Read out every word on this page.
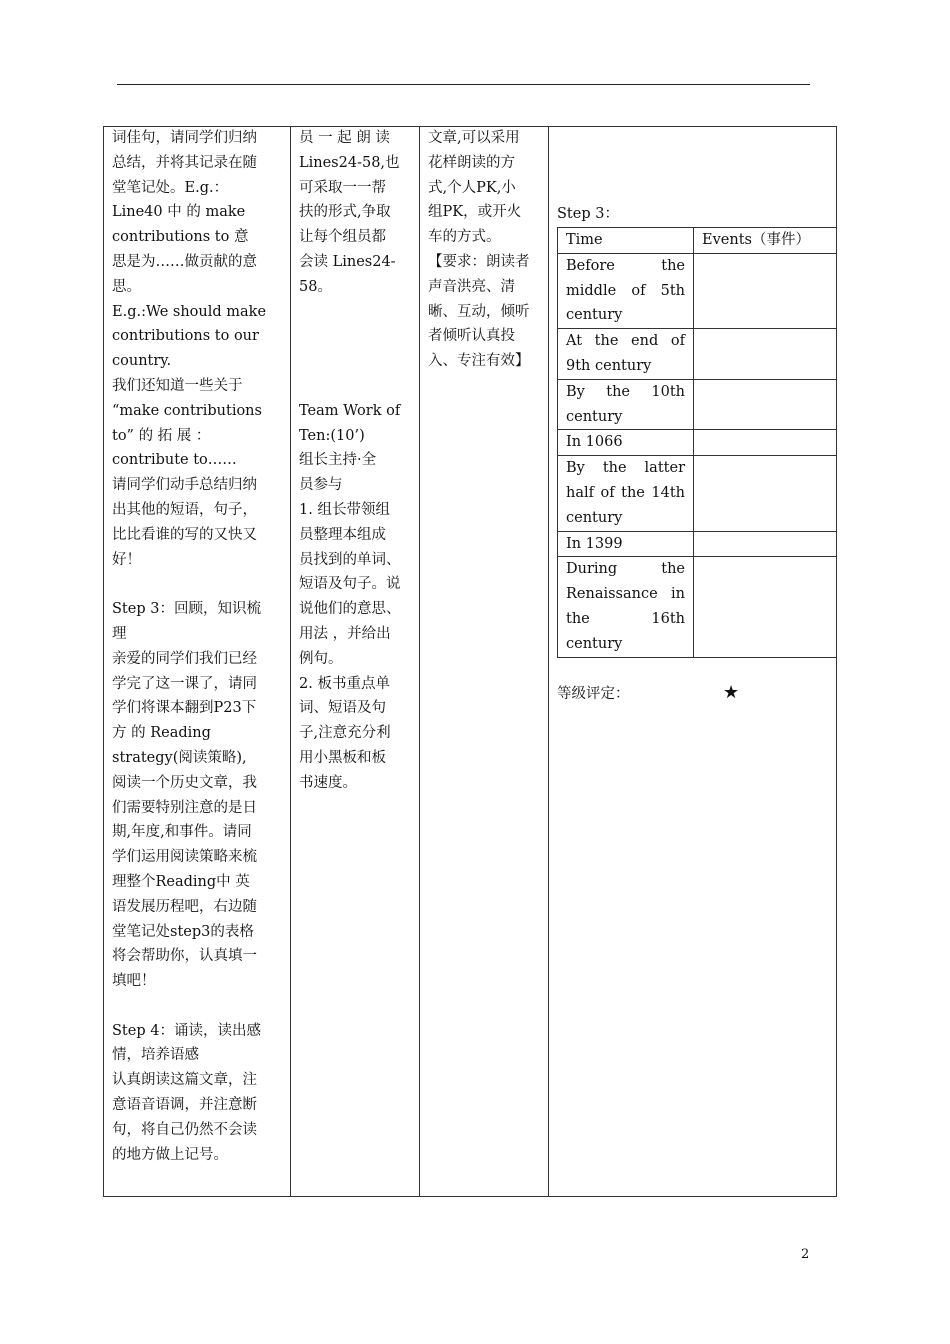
词佳句，请同学们归纳

总结，并将其记录在随

堂笔记处。E.g.：

Line40 中 的 make

contributions to 意

思是为……做贡献的意

思。

E.g.:We should make

contributions to our

country.

我们还知道一些关于

“make contributions

to” 的 拓 展 ：

contribute to……

请同学们动手总结归纳

出其他的短语，句子，

比比看谁的写的又快又

好！

Step 3：回顾，知识梳

理

亲爱的同学们我们已经

学完了这一课了，请同

学们将课本翻到P23下

方 的 Reading

strategy(阅读策略),

阅读一个历史文章，我

们需要特别注意的是日

期,年度,和事件。请同

学们运用阅读策略来梳

理整个Reading中 英

语发展历程吧，右边随

堂笔记处step3的表格

将会帮助你，认真填一

填吧！

Step 4：诵读，读出感

情，培养语感

认真朗读这篇文章，注

意语音语调，并注意断

句，将自己仍然不会读

的地方做上记号。

员 一 起 朗 读

Lines24-58,也

可采取一一帮

扶的形式,争取

让每个组员都

会读 Lines24-

58。

Team Work of

Ten:(10’)

组长主持·全

员参与

1. 组长带领组

员整理本组成

员找到的单词、

短语及句子。说

说他们的意思、

用法 ，并给出

例句。

2. 板书重点单

词、短语及句

子,注意充分利

用小黑板和板

书速度。

文章,可以采用

花样朗读的方

式,个人PK,小

组PK，或开火

车的方式。

【要求：朗读者

声音洪亮、清

晰、互动，倾听

者倾听认真投

入、专注有效】

Step 3：
Time	Events（事件）
Before the middle of 5th century	
At the end of 9th century	
By the 10th century	
In 1066	
By the latter half of the 14th century	
In 1399	
During the Renaissance in the 16th century	
等级评定：	★
2
